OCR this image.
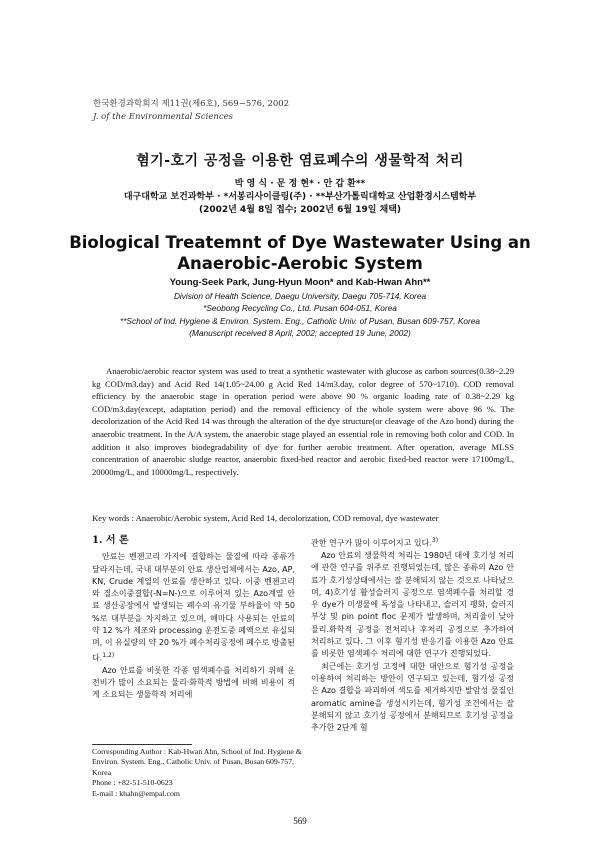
한국환경과학회지 제11권(제6호), 569~576, 2002
J. of the Environmental Sciences
혐기-호기 공정을 이용한 염료폐수의 생물학적 처리
박 영 식 · 문 정 현* · 안 갑 환**
대구대학교 보건과학부 · *서봉리사이클링(주) · **부산가톨릭대학교 산업환경시스템학부
(2002년 4월 8일 접수; 2002년 6월 19일 채택)
Biological Treatemnt of Dye Wastewater Using an
Anaerobic-Aerobic System
Young-Seek Park, Jung-Hyun Moon* and Kab-Hwan Ahn**
Division of Health Science, Daegu University, Daegu 705-714, Korea
*Seobong Recycling Co., Ltd. Pusan 604-051, Korea
**School of Ind. Hygiene & Environ. System. Eng., Catholic Univ. of Pusan, Busan 609-757, Korea
(Manuscript received 8 April, 2002; accepted 19 June, 2002)

Anaerobic/aerobic reactor system was used to treat a synthetic wastewater with glucose as carbon sources(0.38~2.29 kg COD/m3.day) and Acid Red 14(1.05~24.00 g Acid Red 14/m3.day, color degree of 570~1710). COD removal efficiency by the anaerobic stage in operation period were above 90 % organic loading rate of 0.38~2.29 kg COD/m3.day(except, adaptation period) and the removal efficiency of the whole system were above 96 %. The decolorization of the Acid Red 14 was through the alteration of the dye structure(or cleavage of the Azo bond) during the anaerobic treatment. In the A/A system, the anaerobic stage played an essential role in removing both color and COD. In addition it also improves biodegradability of dye for further aerobic treatment. After operation, average MLSS concentration of anaerobic sludge reactor, anaerobic fixed-bed reactor and aerobic fixed-bed reactor were 17100mg/L, 20000mg/L, and 10000mg/L, respectively.

Key words : Anaerobic/Aerobic system, Acid Red 14, decolorization, COD removal, dye wastewater
1. 서 론

안료는 벤젠고리 가지에 결합하는 물질에 따라 종류가 달라지는데, 국내 대부분의 안료 생산업체에서는 Azo, AP, KN, Crude 계열의 안료를 생산하고 있다. 이중 벤젠고리와 질소이중결합(-N=N-)으로 이루어져 있는 Azo계열 안료 생산공장에서 발생되는 폐수의 유기물 부하율이 약 50 %로 대부분을 차지하고 있으며, 해마다 사용되는 안료의 약 12 %가 제조와 processing 운전도중 폐액으로 유실되며, 이 유실량의 약 20 %가 폐수처리공정에 폐수로 방출된다.$^{1,2)}$

Azo 안료를 비롯한 각종 염색폐수를 처리하기 위해 운전비가 많이 소요되는 물리·화학적 방법에 비해 비용이 적게 소요되는 생물학적 처리에

Corresponding Author : Kab-Hwan Ahn, School of Ind. Hygiene & Environ. System. Eng., Catholic Univ. of Pusan, Busan 609-757, Korea
Phone : +82-51-510-0623
E-mail : khahn@empal.com

관한 연구가 많이 이루어지고 있다.$^{3)}$

Azo 안료의 생물학적 처리는 1980년 대에 호기성 처리에 관한 연구를 위주로 진행되었는데, 많은 종류의 Azo 안료가 호기성상태에서는 잘 분해되지 않는 것으로 나타났으며, 4)호기성 활성슬러지 공정으로 염색폐수를 처리할 경우 dye가 미생물에 독성을 나타내고, 슬러지 팽화, 슬러지 부상 및 pin point floc 문제가 발생하며, 처리율이 낮아 물리.화학적 공정을 전처리나 후처리 공정으로 추가하여 처리하고 있다. 그 이후 혐기성 반응기를 이용한 Azo 안료를 비롯한 염색폐수 처리에 대한 연구가 진행되었다.

최근에는 호기성 고정에 대한 대안으로 혐기성 공정을 이용하여 처리하는 방안이 연구되고 있는데, 혐기성 공정은 Azo 결합을 파괴하여 색도를 제거하지만 발암성 물질인 aromatic amine을 생성시키는데, 혐기성 조건에서는 잘 분해되지 않고 호기성 공정에서 분해되므로 호기성 공정을 추가한 2단계 혐

569
